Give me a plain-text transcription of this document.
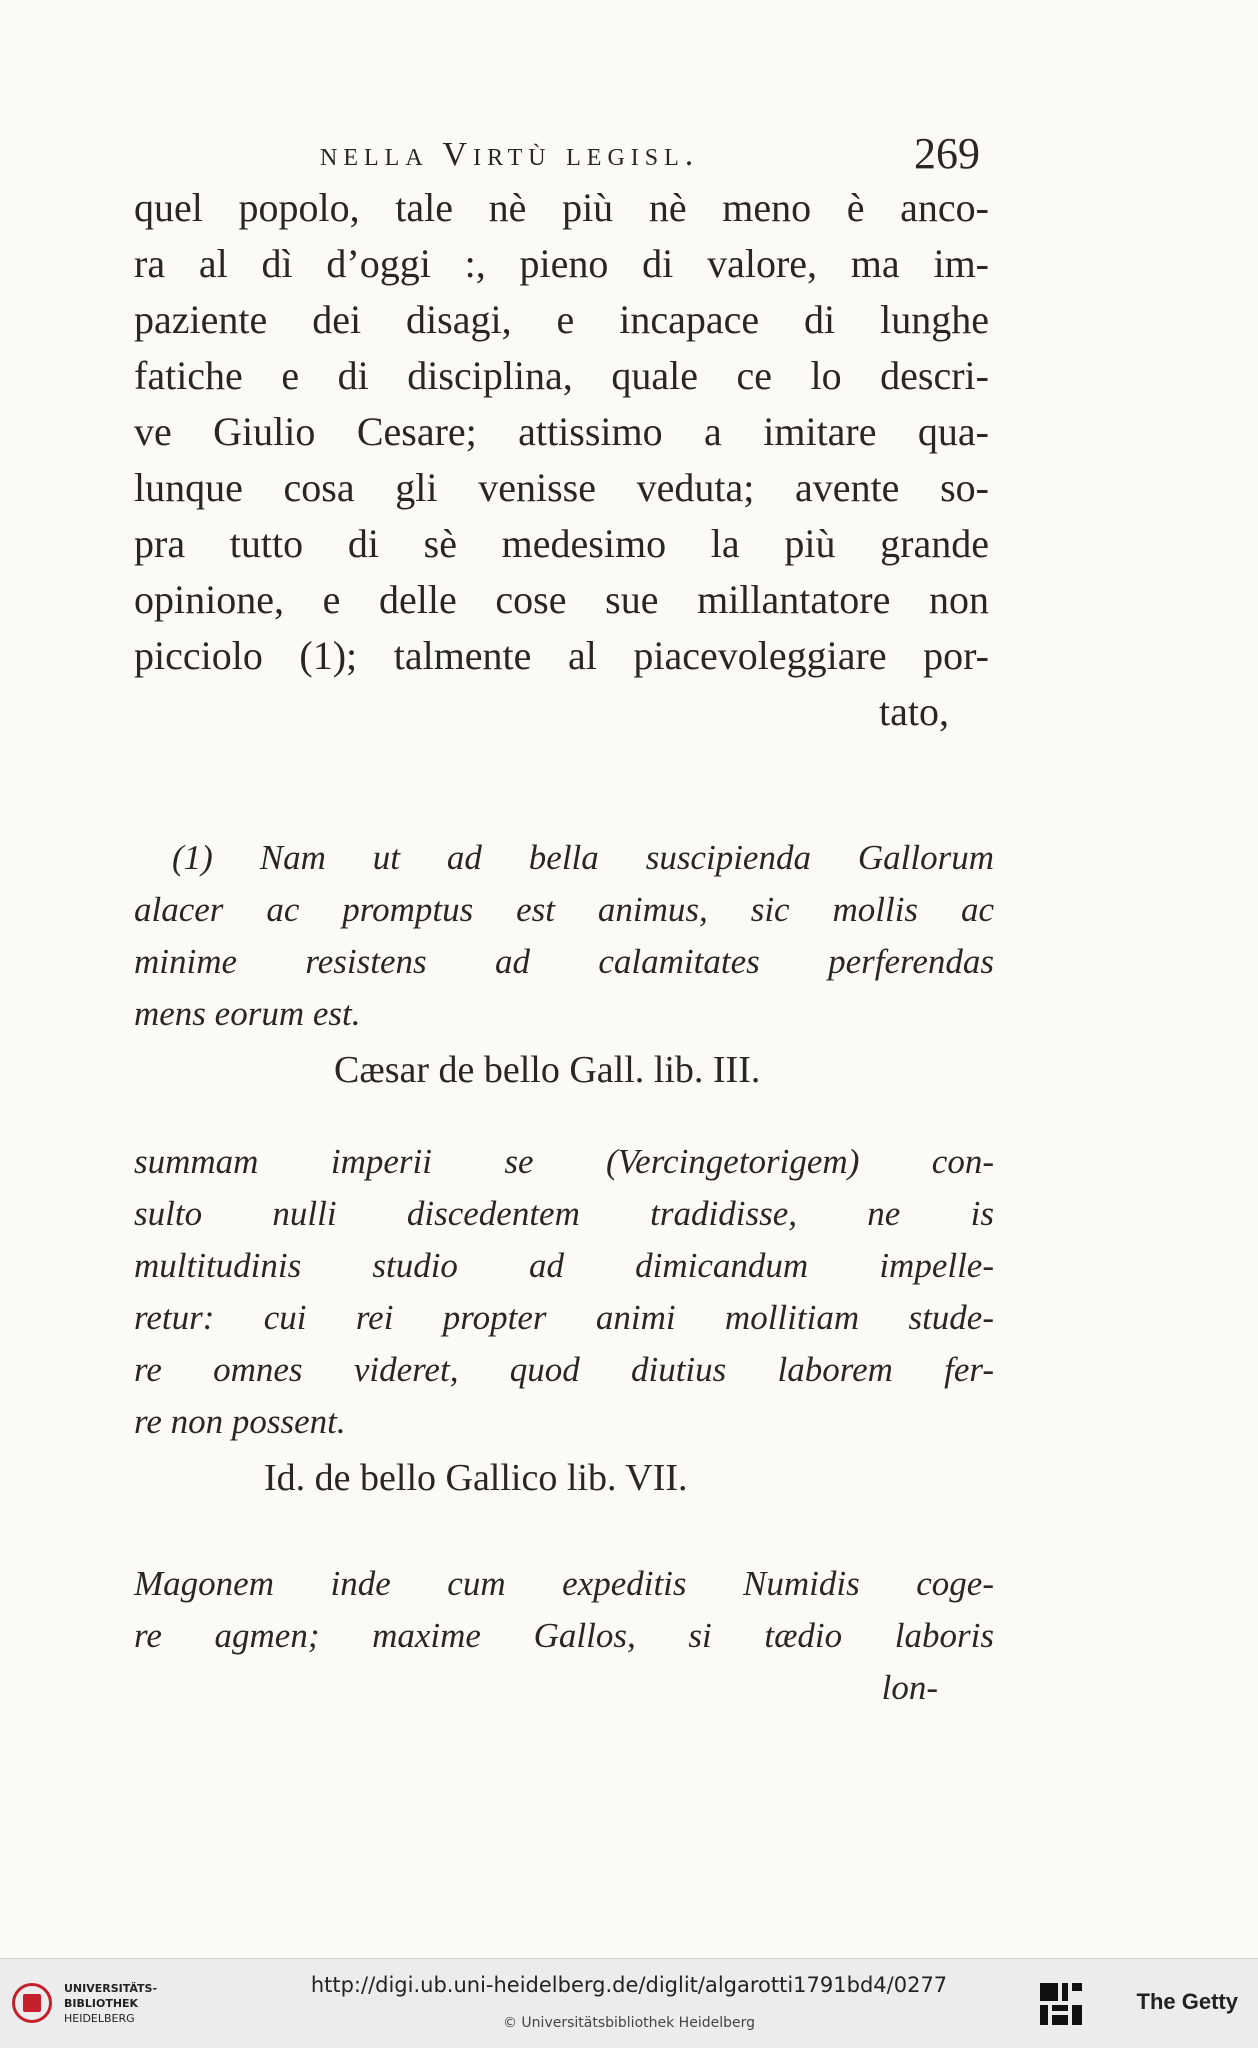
nella Virtù legisl.	269
quel popolo, tale nè più nè meno è anco-
ra al dì d’oggi :, pieno di valore, ma im-
paziente dei disagi, e incapace di lunghe
fatiche e di disciplina, quale ce lo descri-
ve Giulio Cesare; attissimo a imitare qua-
lunque cosa gli venisse veduta; avente so-
pra tutto di sè medesimo la più grande
opinione, e delle cose sue millantatore non
picciolo (1); talmente al piacevoleggiare por-
tato,
(1) Nam ut ad bella suscipienda Gallorum
alacer ac promptus est animus, sic mollis ac
minime resistens ad calamitates perferendas
mens eorum est.
Cæsar de bello Gall. lib. III.
summam imperii se (Vercingetorigem) con-
sulto nulli discedentem tradidisse, ne is
multitudinis studio ad dimicandum impelle-
retur: cui rei propter animi mollitiam stude-
re omnes videret, quod diutius laborem fer-
re non possent.
Id. de bello Gallico lib. VII.
Magonem inde cum expeditis Numidis coge-
re agmen; maxime Gallos, si tædio laboris
lon-
UNIVERSITÄTS-
BIBLIOTHEK
HEIDELBERG
http://digi.ub.uni-heidelberg.de/diglit/algarotti1791bd4/0277
© Universitätsbibliothek Heidelberg
The Getty
